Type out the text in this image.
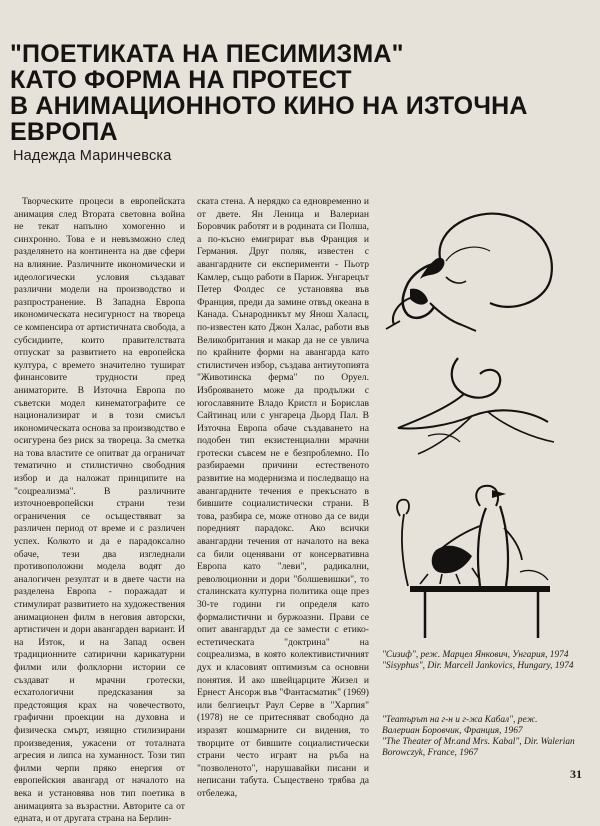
"ПОЕТИКАТА НА ПЕСИМИЗМА"
КАТО ФОРМА НА ПРОТЕСТ
В АНИМАЦИОННОТО КИНО НА ИЗТОЧНА
ЕВРОПА
Надежда Маринчевска

Творческите процеси в европейската анимация след Втората световна война не текат напълно хомогенно и синхронно. Това е и невъзможно след разделянето на континента на две сфери на влияние. Различните икономически и идеологически условия създават различни модели на производство и разпространение. В Западна Европа икономическата несигурност на твореца се компенсира от артистичната свобода, а субсидиите, които правителствата отпускат за развитието на европейска култура, с времето значително тушират финансовите трудности пред аниматорите. В Източна Европа по съветски модел кинематографите се национализират и в този смисъл икономическата основа за производство е осигурена без риск за твореца. За сметка на това властите се опитват да ограничат тематично и стилистично свободния избор и да наложат принципите на "соцреализма". В различните източноевропейски страни тези ограничения се осъществяват за различен период от време и с различен успех. Колкото и да е парадоксално обаче, тези два изгледнали противоположни модела водят до аналогичен резултат и в двете части на разделена Европа - поражадат и стимулират развитието на художествения анимационен филм в неговия авторски, артистичен и дори авангарден вариант. И на Изток, и на Запад освен традиционните сатирични карикатурни филми или фолклорни истории се създават и мрачни гротески, есхатологични предсказания за предстоящия крах на човечеството, графични проекции на духовна и физическа смърт, изящно стилизирани произведения, ужасени от тоталната агресия и липса на хуманност. Този тип филми черпи пряко енергия от европейския авангард от началото на века и установява нов тип поетика в анимацията за възрастни. Авторите са от едната, и от другата страна на Берлин-

ската стена. А нерядко са едновременно и от двете. Ян Леница и Валериан Боровчик работят и в родината си Полша, а по-късно емигрират във Франция и Германия. Друг поляк, известен с авангардните си експерименти - Пьотр Камлер, също работи в Париж. Унгарецът Петер Фолдес се установява във Франция, преди да замине отвъд океана в Канада. Сънародникът му Янош Халасц, по-известен като Джон Халас, работи във Великобритания и макар да не се увлича по крайните форми на авангарда като стилистичен избор, създава антиутопията "Животинска ферма" по Оруел. Изброяването може да продължи с югославяните Владо Кристл и Борислав Сайтинац или с унгареца Дьорд Пал. В Източна Европа обаче създаването на подобен тип екзистенциални мрачни гротески съвсем не е безпроблемно. По разбираеми причини естественото развитие на модернизма и последващо на авангардните течения е прекъснато в бившите социалистически страни. В това, разбира се, може отново да се види поредният парадокс. Ако всички авангардни течения от началото на века са били оценявани от консервативна Европа като "леви", радикални, революционни и дори "болшевишки", то сталинската културна политика още през 30-те години ги определя като формалистични и буржоазни. Прави се опит авангардът да се замести с етико-естетическата "доктрина" на соцреализма, в която колективистичният дух и класовият оптимизъм са основни понятия. И ако швейцарците Жизел и Ернест Ансорж във "Фантасматик" (1969) или белгиецът Раул Серве в "Харпия" (1978) не се притесняват свободно да изразят кошмарните си видения, то творците от бившите социалистически страни често играят на ръба на "позволеното", нарушавайки писани и неписани табута. Съществено трябва да отбележа,

"Сизиф", реж. Марцел Янкович, Унгария, 1974
"Sisyphus", Dir. Marcell Jankovics, Hungary, 1974
"Театърът на г-н и г-жа Кабал", реж. Валериан Боровчик, Франция, 1967
"The Theater of Mr.and Mrs. Kabal", Dir. Walerian Borowczyk, France, 1967
31
